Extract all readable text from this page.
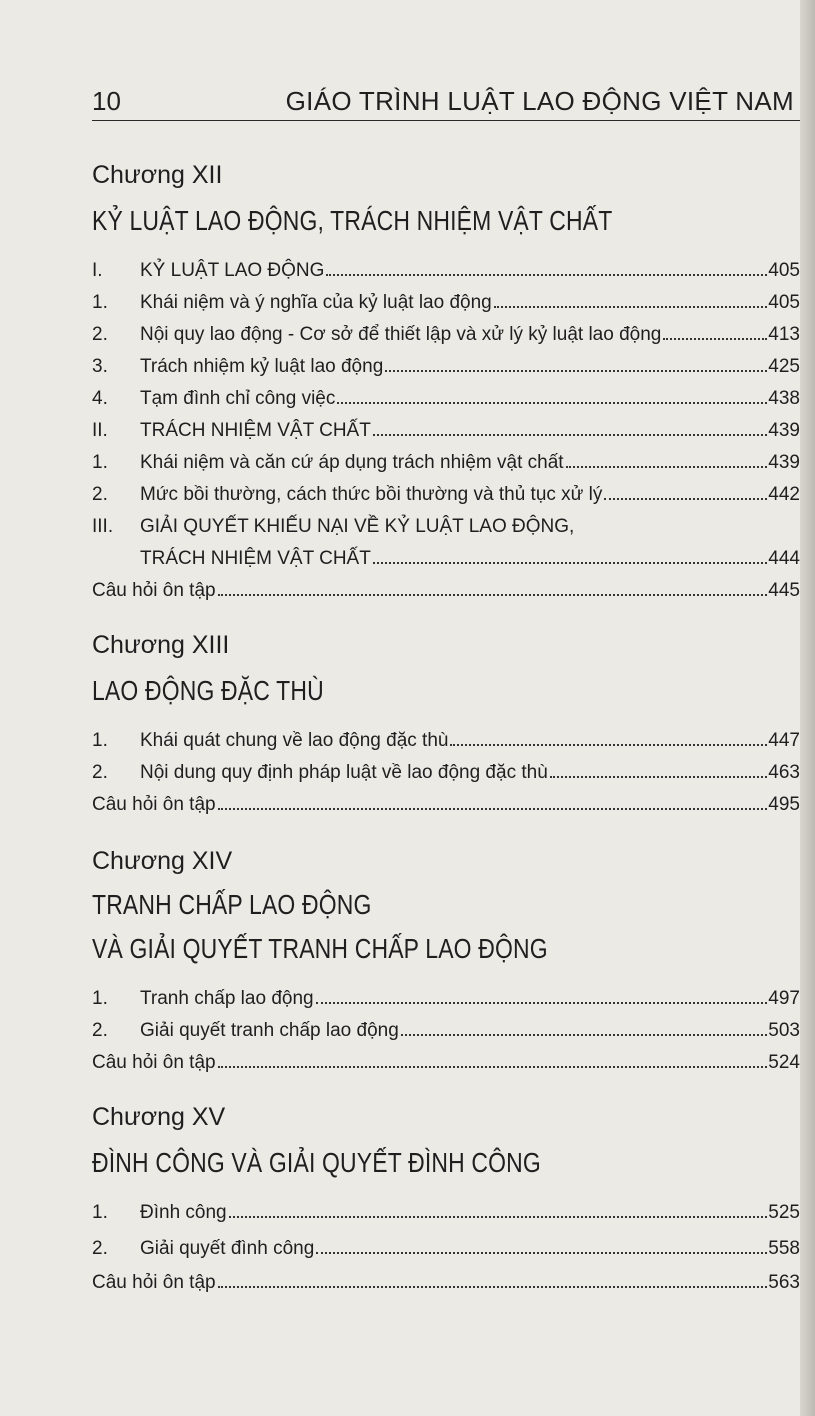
10	GIÁO TRÌNH LUẬT LAO ĐỘNG VIỆT NAM
Chương XII
KỶ LUẬT LAO ĐỘNG, TRÁCH NHIỆM VẬT CHẤT
I. KỶ LUẬT LAO ĐỘNG	405
1. Khái niệm và ý nghĩa của kỷ luật lao động	405
2. Nội quy lao động - Cơ sở để thiết lập và xử lý kỷ luật lao động	413
3. Trách nhiệm kỷ luật lao động	425
4. Tạm đình chỉ công việc	438
II. TRÁCH NHIỆM VẬT CHẤT	439
1. Khái niệm và căn cứ áp dụng trách nhiệm vật chất	439
2. Mức bồi thường, cách thức bồi thường và thủ tục xử lý	442
III. GIẢI QUYẾT KHIẾU NẠI VỀ KỶ LUẬT LAO ĐỘNG,
TRÁCH NHIỆM VẬT CHẤT	444
Câu hỏi ôn tập	445
Chương XIII
LAO ĐỘNG ĐẶC THÙ
1. Khái quát chung về lao động đặc thù	447
2. Nội dung quy định pháp luật về lao động đặc thù	463
Câu hỏi ôn tập	495
Chương XIV
TRANH CHẤP LAO ĐỘNG
VÀ GIẢI QUYẾT TRANH CHẤP LAO ĐỘNG
1. Tranh chấp lao động	497
2. Giải quyết tranh chấp lao động	503
Câu hỏi ôn tập	524
Chương XV
ĐÌNH CÔNG VÀ GIẢI QUYẾT ĐÌNH CÔNG
1. Đình công	525
2. Giải quyết đình công	558
Câu hỏi ôn tập	563
